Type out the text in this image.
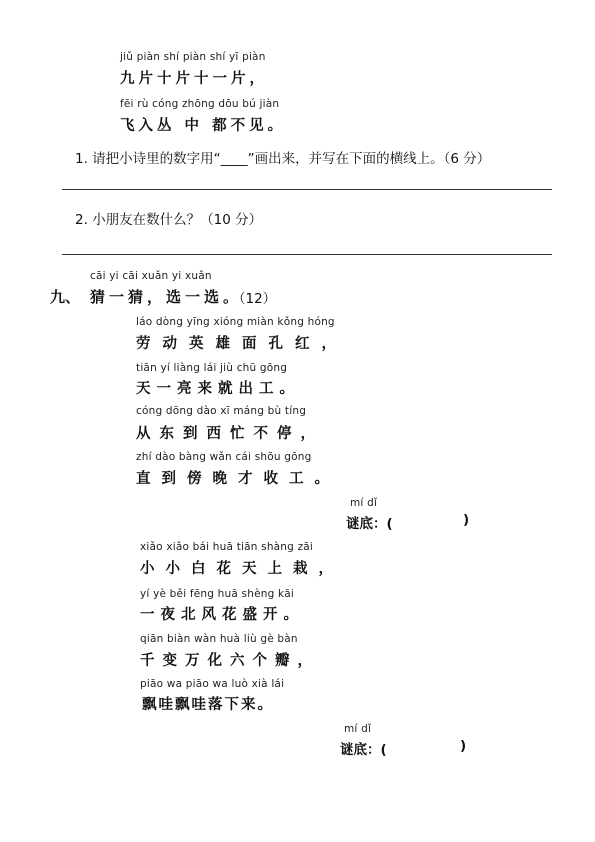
jiǔ piàn shí piàn shí yī piàn
九片十片十一片，
fēi rù cóng zhōng dōu bú jiàn
飞入丛 中 都不见。
1. 请把小诗里的数字用“____”画出来，并写在下面的横线上。（6 分）
2. 小朋友在数什么？（10 分）
cāi yi cāi xuǎn yi xuǎn
九、 猜一猜，选一选。
（12）
láo dòng yīng xióng miàn kǒng hóng
劳动英雄面孔红，
tiān yí liàng lái jiù chū gōng
天一亮来就出工。
cóng dōng dào xī máng bù tíng
从东到西忙不停，
zhí dào bàng wǎn cái shōu gōng
直到傍晚才收工。
mí dǐ
谜底：(	)
xiǎo xiǎo bái huā tiān shàng zāi
小小白花天上栽，
yí yè běi fēng huā shèng kāi
一夜北风花盛开。
qiān biàn wàn huà liù gè bàn
千变万化六个瓣，
piāo wa piāo wa luò xià lái
飘哇飘哇落下来。
mí dǐ
谜底：(	)
